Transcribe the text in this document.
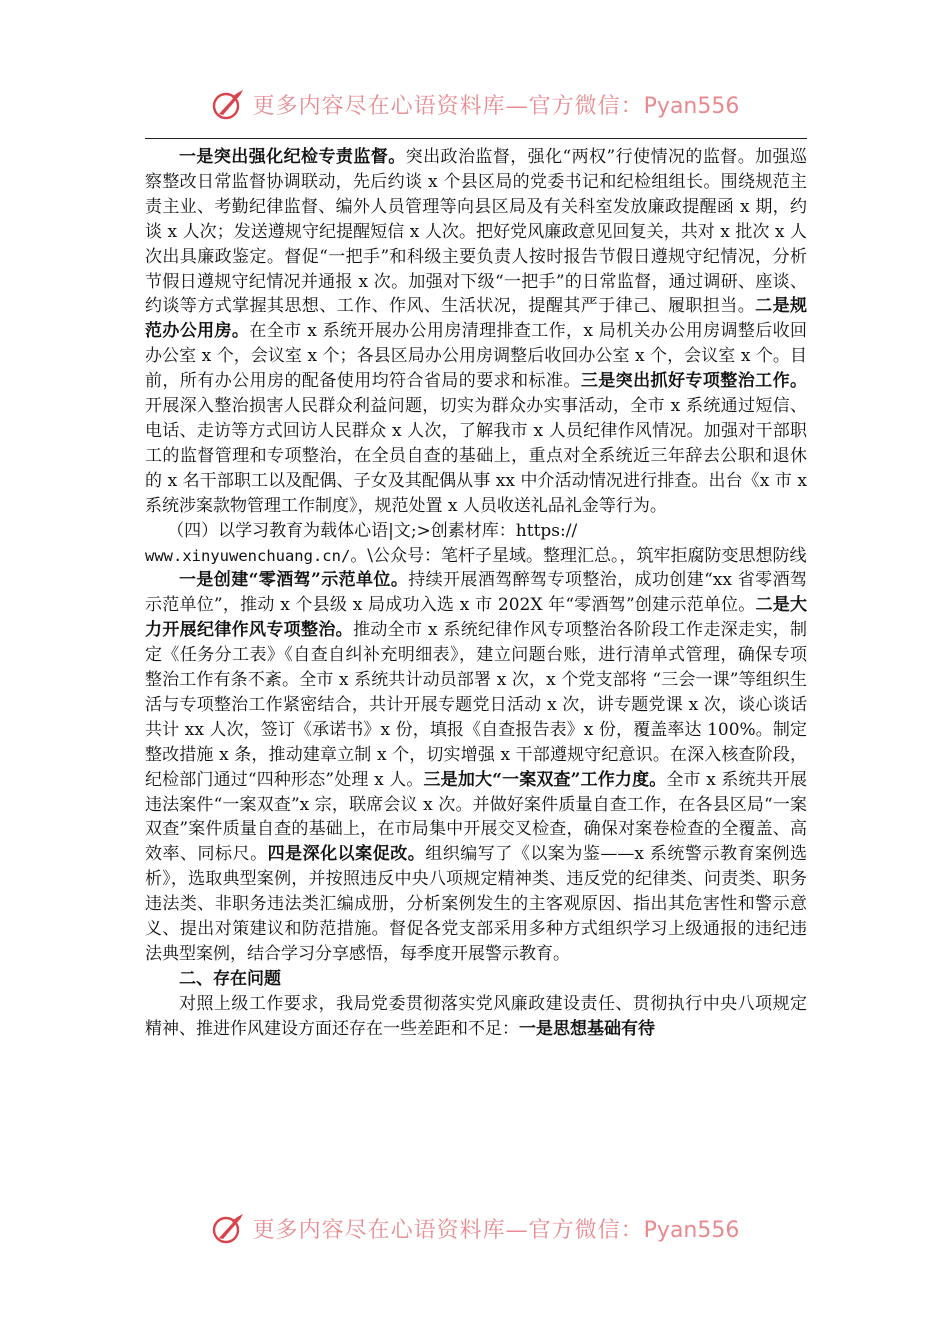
更多内容尽在心语资料库—官方微信：Pyan556

一是突出强化纪检专责监督。突出政治监督，强化“两权”行使情况的监督。加强巡察整改日常监督协调联动，先后约谈 x 个县区局的党委书记和纪检组组长。围绕规范主责主业、考勤纪律监督、编外人员管理等向县区局及有关科室发放廉政提醒函 x 期，约谈 x 人次；发送遵规守纪提醒短信 x 人次。把好党风廉政意见回复关，共对 x 批次 x 人次出具廉政鉴定。督促“一把手”和科级主要负责人按时报告节假日遵规守纪情况，分析节假日遵规守纪情况并通报 x 次。加强对下级“一把手”的日常监督，通过调研、座谈、约谈等方式掌握其思想、工作、作风、生活状况，提醒其严于律己、履职担当。二是规范办公用房。在全市 x 系统开展办公用房清理排查工作，x 局机关办公用房调整后收回办公室 x 个，会议室 x 个；各县区局办公用房调整后收回办公室 x 个，会议室 x 个。目前，所有办公用房的配备使用均符合省局的要求和标准。三是突出抓好专项整治工作。开展深入整治损害人民群众利益问题，切实为群众办实事活动，全市 x 系统通过短信、电话、走访等方式回访人民群众 x 人次，了解我市 x 人员纪律作风情况。加强对干部职工的监督管理和专项整治，在全员自查的基础上，重点对全系统近三年辞去公职和退休的 x 名干部职工以及配偶、子女及其配偶从事 xx 中介活动情况进行排查。出台《x 市 x 系统涉案款物管理工作制度》，规范处置 x 人员收送礼品礼金等行为。

（四）以学习教育为载体心语|文;>创素材库：https://

www.xinyuwenchuang.cn/。\公众号：笔杆子星域。整理汇总。，筑牢拒腐防变思想防线

一是创建“零酒驾”示范单位。持续开展酒驾醉驾专项整治，成功创建“xx 省零酒驾示范单位”，推动 x 个县级 x 局成功入选 x 市 202X 年“零酒驾”创建示范单位。二是大力开展纪律作风专项整治。推动全市 x 系统纪律作风专项整治各阶段工作走深走实，制定《任务分工表》《自查自纠补充明细表》，建立问题台账，进行清单式管理，确保专项整治工作有条不紊。全市 x 系统共计动员部署 x 次，x 个党支部将 “三会一课”等组织生活与专项整治工作紧密结合，共计开展专题党日活动 x 次，讲专题党课 x 次，谈心谈话共计 xx 人次，签订《承诺书》x 份，填报《自查报告表》x 份，覆盖率达 100%。制定整改措施 x 条，推动建章立制 x 个，切实增强 x 干部遵规守纪意识。在深入核查阶段，纪检部门通过“四种形态”处理 x 人。三是加大“一案双查”工作力度。全市 x 系统共开展违法案件“一案双查”x 宗，联席会议 x 次。并做好案件质量自查工作，在各县区局“一案双查”案件质量自查的基础上，在市局集中开展交叉检查，确保对案卷检查的全覆盖、高效率、同标尺。四是深化以案促改。组织编写了《以案为鉴——x 系统警示教育案例选析》，选取典型案例，并按照违反中央八项规定精神类、违反党的纪律类、问责类、职务违法类、非职务违法类汇编成册，分析案例发生的主客观原因、指出其危害性和警示意义、提出对策建议和防范措施。督促各党支部采用多种方式组织学习上级通报的违纪违法典型案例，结合学习分享感悟，每季度开展警示教育。

二、存在问题

对照上级工作要求，我局党委贯彻落实党风廉政建设责任、贯彻执行中央八项规定精神、推进作风建设方面还存在一些差距和不足：一是思想基础有待

更多内容尽在心语资料库—官方微信：Pyan556
